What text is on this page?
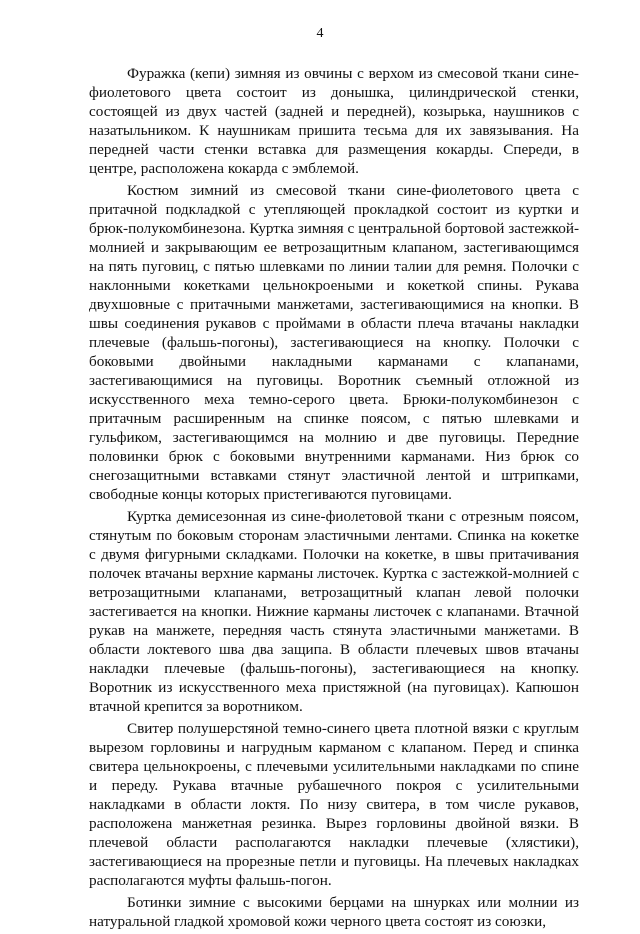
4

Фуражка (кепи) зимняя из овчины с верхом из смесовой ткани сине-фиолетового цвета состоит из донышка, цилиндрической стенки, состоящей из двух частей (задней и передней), козырька, наушников с назатыльником. К наушникам пришита тесьма для их завязывания. На передней части стенки вставка для размещения кокарды. Спереди, в центре, расположена кокарда с эмблемой.

Костюм зимний из смесовой ткани сине-фиолетового цвета с притачной подкладкой с утепляющей прокладкой состоит из куртки и брюк-полукомбинезона. Куртка зимняя с центральной бортовой застежкой-молнией и закрывающим ее ветрозащитным клапаном, застегивающимся на пять пуговиц, с пятью шлевками по линии талии для ремня. Полочки с наклонными кокетками цельнокроеными и кокеткой спины. Рукава двухшовные с притачными манжетами, застегивающимися на кнопки. В швы соединения рукавов с проймами в области плеча втачаны накладки плечевые (фальшь-погоны), застегивающиеся на кнопку. Полочки с боковыми двойными накладными карманами с клапанами, застегивающимися на пуговицы. Воротник съемный отложной из искусственного меха темно-серого цвета. Брюки-полукомбинезон с притачным расширенным на спинке поясом, с пятью шлевками и гульфиком, застегивающимся на молнию и две пуговицы. Передние половинки брюк с боковыми внутренними карманами. Низ брюк со снегозащитными вставками стянут эластичной лентой и штрипками, свободные концы которых пристегиваются пуговицами.

Куртка демисезонная из сине-фиолетовой ткани с отрезным поясом, стянутым по боковым сторонам эластичными лентами. Спинка на кокетке с двумя фигурными складками. Полочки на кокетке, в швы притачивания полочек втачаны верхние карманы листочек. Куртка с застежкой-молнией с ветрозащитными клапанами, ветрозащитный клапан левой полочки застегивается на кнопки. Нижние карманы листочек с клапанами. Втачной рукав на манжете, передняя часть стянута эластичными манжетами. В области локтевого шва два защипа. В области плечевых швов втачаны накладки плечевые (фальшь-погоны), застегивающиеся на кнопку. Воротник из искусственного меха пристяжной (на пуговицах). Капюшон втачной крепится за воротником.

Свитер полушерстяной темно-синего цвета плотной вязки с круглым вырезом горловины и нагрудным карманом с клапаном. Перед и спинка свитера цельнокроены, с плечевыми усилительными накладками по спине и переду. Рукава втачные рубашечного покроя с усилительными накладками в области локтя. По низу свитера, в том числе рукавов, расположена манжетная резинка. Вырез горловины двойной вязки. В плечевой области располагаются накладки плечевые (хлястики), застегивающиеся на прорезные петли и пуговицы. На плечевых накладках располагаются муфты фальшь-погон.

Ботинки зимние с высокими берцами на шнурках или молнии из натуральной гладкой хромовой кожи черного цвета состоят из союзки,
